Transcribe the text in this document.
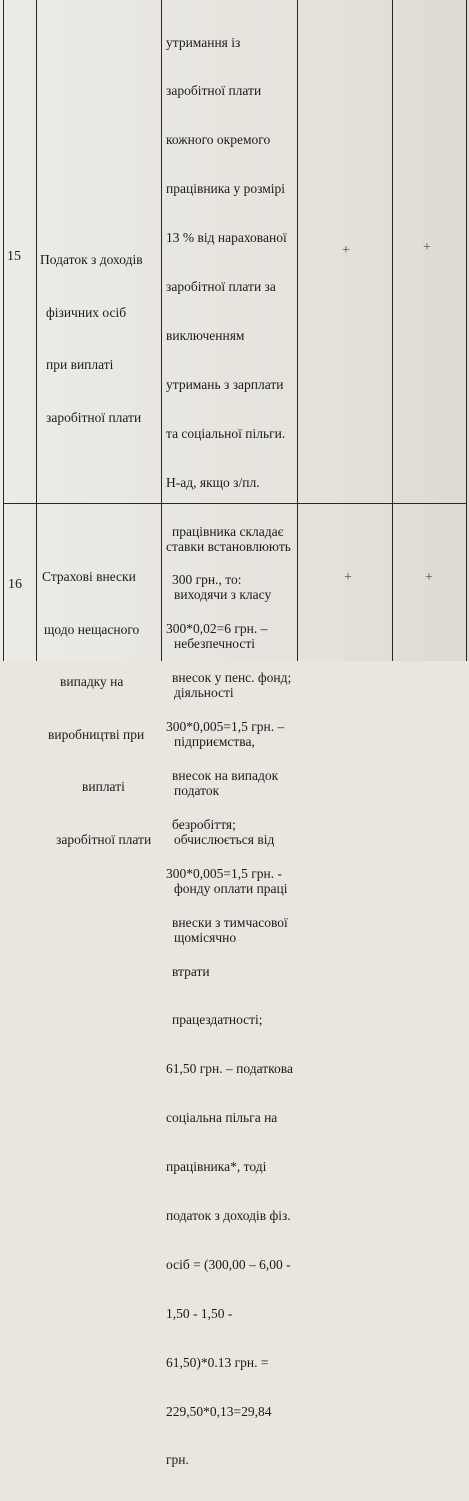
15

Податок з доходів

фізичних осіб

при виплаті

заробітної плати

утримання із

заробітної плати

кожного окремого

працівника у розмірі

13 % від нарахованої

заробітної плати за

виключенням

утримань з зарплати

та соціальної пільги.

Н-ад, якщо з/пл.

працівника складає

300 грн., то:

300*0,02=6 грн. –

внесок у пенс. фонд;

300*0,005=1,5 грн. –

внесок на випадок

безробіття;

300*0,005=1,5 грн. -

внески з тимчасової

втрати

працездатності;

61,50 грн. – податкова

соціальна пільга на

працівника*, тоді

податок з доходів фіз.

осіб = (300,00 – 6,00 -

1,50 - 1,50 -

61,50)*0.13 грн. =

229,50*0,13=29,84

грн.

+	+
16

Страхові внески

щодо нещасного

випадку на

виробництві при

виплаті

заробітної плати

ставки встановлюють

виходячи з класу

небезпечності

діяльності

підприємства,

податок

обчислюється від

фонду оплати праці

щомісячно

+	+
